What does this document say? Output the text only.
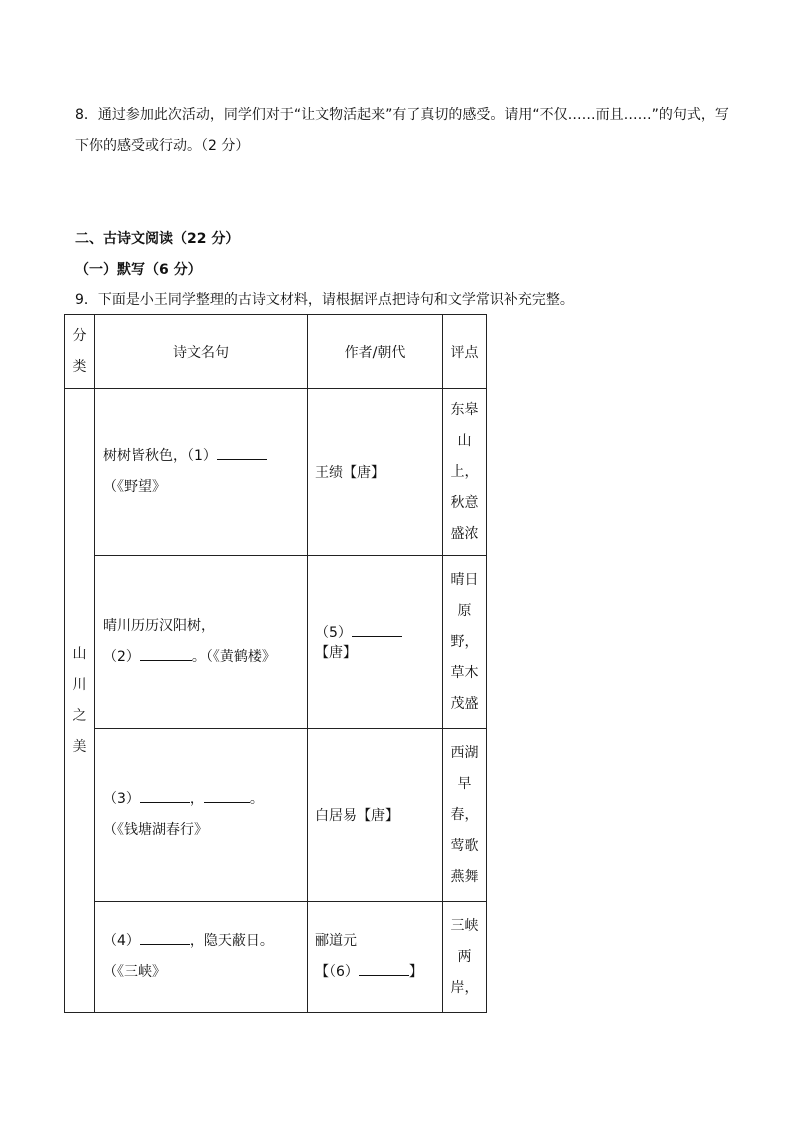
8．通过参加此次活动，同学们对于“让文物活起来”有了真切的感受。请用“不仅……而且……”的句式，写
下你的感受或行动。（2 分）
二、古诗文阅读（22 分）
（一）默写（6 分）
9．下面是小王同学整理的古诗文材料，请根据评点把诗句和文学常识补充完整。
分类	诗文名句	作者/朝代	评点

山川之美	树树皆秋色，（1）
（《野望》	王绩【唐】	东皋山上，秋意盛浓

	晴川历历汉阳树，
（2） 。（《黄鹤楼》	（5）【唐】	晴日原野，草木茂盛

	（3） ， 。
（《钱塘湖春行》	白居易【唐】	西湖早春，莺歌燕舞

	（4） ，隐天蔽日。
（《三峡》	郦道元
【（6） 】	三峡两岸，
